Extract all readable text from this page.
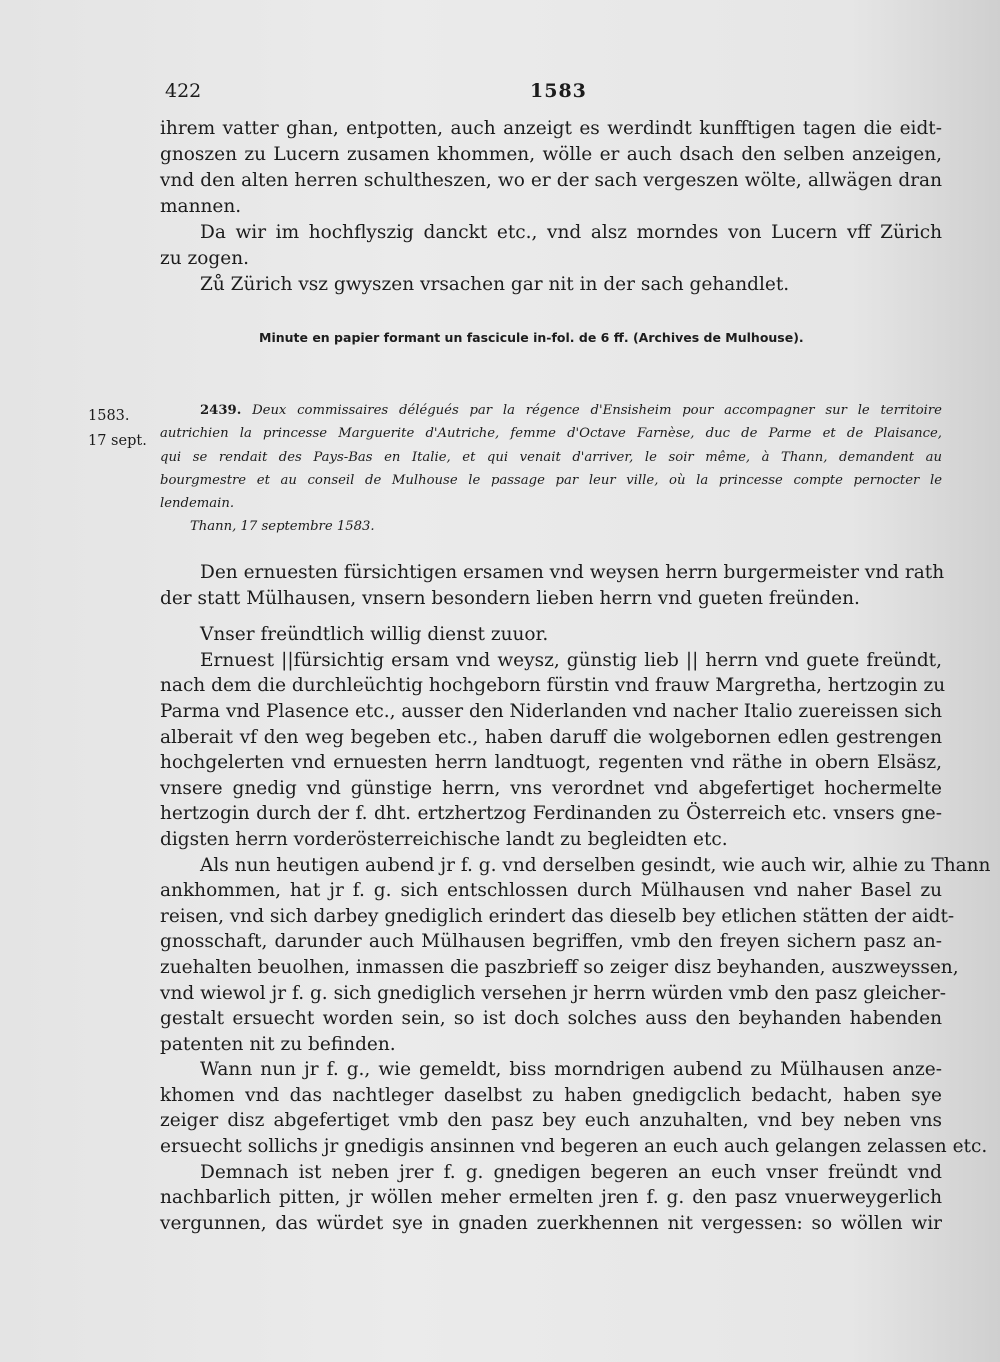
422	1583
ihrem vatter ghan, entpotten, auch anzeigt es werdindt kunfftigen tagen die eidt-
gnoszen zu Lucern zusamen khommen, wölle er auch dsach den selben anzeigen,
vnd den alten herren schultheszen, wo er der sach vergeszen wölte, allwägen dran
mannen.
Da wir im hochflyszig danckt etc., vnd alsz morndes von Lucern vff Zürich
zu zogen.
Zů Zürich vsz gwyszen vrsachen gar nit in der sach gehandlet.
Minute en papier formant un fascicule in-fol. de 6 ff. (Archives de Mulhouse).
1583.
17 sept.
2439. Deux commissaires délégués par la régence d'Ensisheim pour accompagner sur le territoire
autrichien la princesse Marguerite d'Autriche, femme d'Octave Farnèse, duc de Parme et de Plaisance,
qui se rendait des Pays-Bas en Italie, et qui venait d'arriver, le soir même, à Thann, demandent au
bourgmestre et au conseil de Mulhouse le passage par leur ville, où la princesse compte pernocter le
lendemain.
Thann, 17 septembre 1583.
Den ernuesten fürsichtigen ersamen vnd weysen herrn burgermeister vnd rath
der statt Mülhausen, vnsern besondern lieben herrn vnd gueten freünden.
Vnser freündtlich willig dienst zuuor.
Ernuest ||fürsichtig ersam vnd weysz, günstig lieb || herrn vnd guete freündt,
nach dem die durchleüchtig hochgeborn fürstin vnd frauw Margretha, hertzogin zu
Parma vnd Plasence etc., ausser den Niderlanden vnd nacher Italio zuereissen sich
alberait vf den weg begeben etc., haben daruff die wolgebornen edlen gestrengen
hochgelerten vnd ernuesten herrn landtuogt, regenten vnd räthe in obern Elsäsz,
vnsere gnedig vnd günstige herrn, vns verordnet vnd abgefertiget hochermelte
hertzogin durch der f. dht. ertzhertzog Ferdinanden zu Österreich etc. vnsers gne-
digsten herrn vorderösterreichische landt zu begleidten etc.
Als nun heutigen aubend jr f. g. vnd derselben gesindt, wie auch wir, alhie zu Thann
ankhommen, hat jr f. g. sich entschlossen durch Mülhausen vnd naher Basel zu
reisen, vnd sich darbey gnediglich erindert das dieselb bey etlichen stätten der aidt-
gnosschaft, darunder auch Mülhausen begriffen, vmb den freyen sichern pasz an-
zuehalten beuolhen, inmassen die paszbrieff so zeiger disz beyhanden, auszweyssen,
vnd wiewol jr f. g. sich gnediglich versehen jr herrn würden vmb den pasz gleicher-
gestalt ersuecht worden sein, so ist doch solches auss den beyhanden habenden
patenten nit zu befinden.
Wann nun jr f. g., wie gemeldt, biss morndrigen aubend zu Mülhausen anze-
khomen vnd das nachtleger daselbst zu haben gnedigclich bedacht, haben sye
zeiger disz abgefertiget vmb den pasz bey euch anzuhalten, vnd bey neben vns
ersuecht sollichs jr gnedigis ansinnen vnd begeren an euch auch gelangen zelassen etc.
Demnach ist neben jrer f. g. gnedigen begeren an euch vnser freündt vnd
nachbarlich pitten, jr wöllen meher ermelten jren f. g. den pasz vnuerweygerlich
vergunnen, das würdet sye in gnaden zuerkhennen nit vergessen: so wöllen wir
